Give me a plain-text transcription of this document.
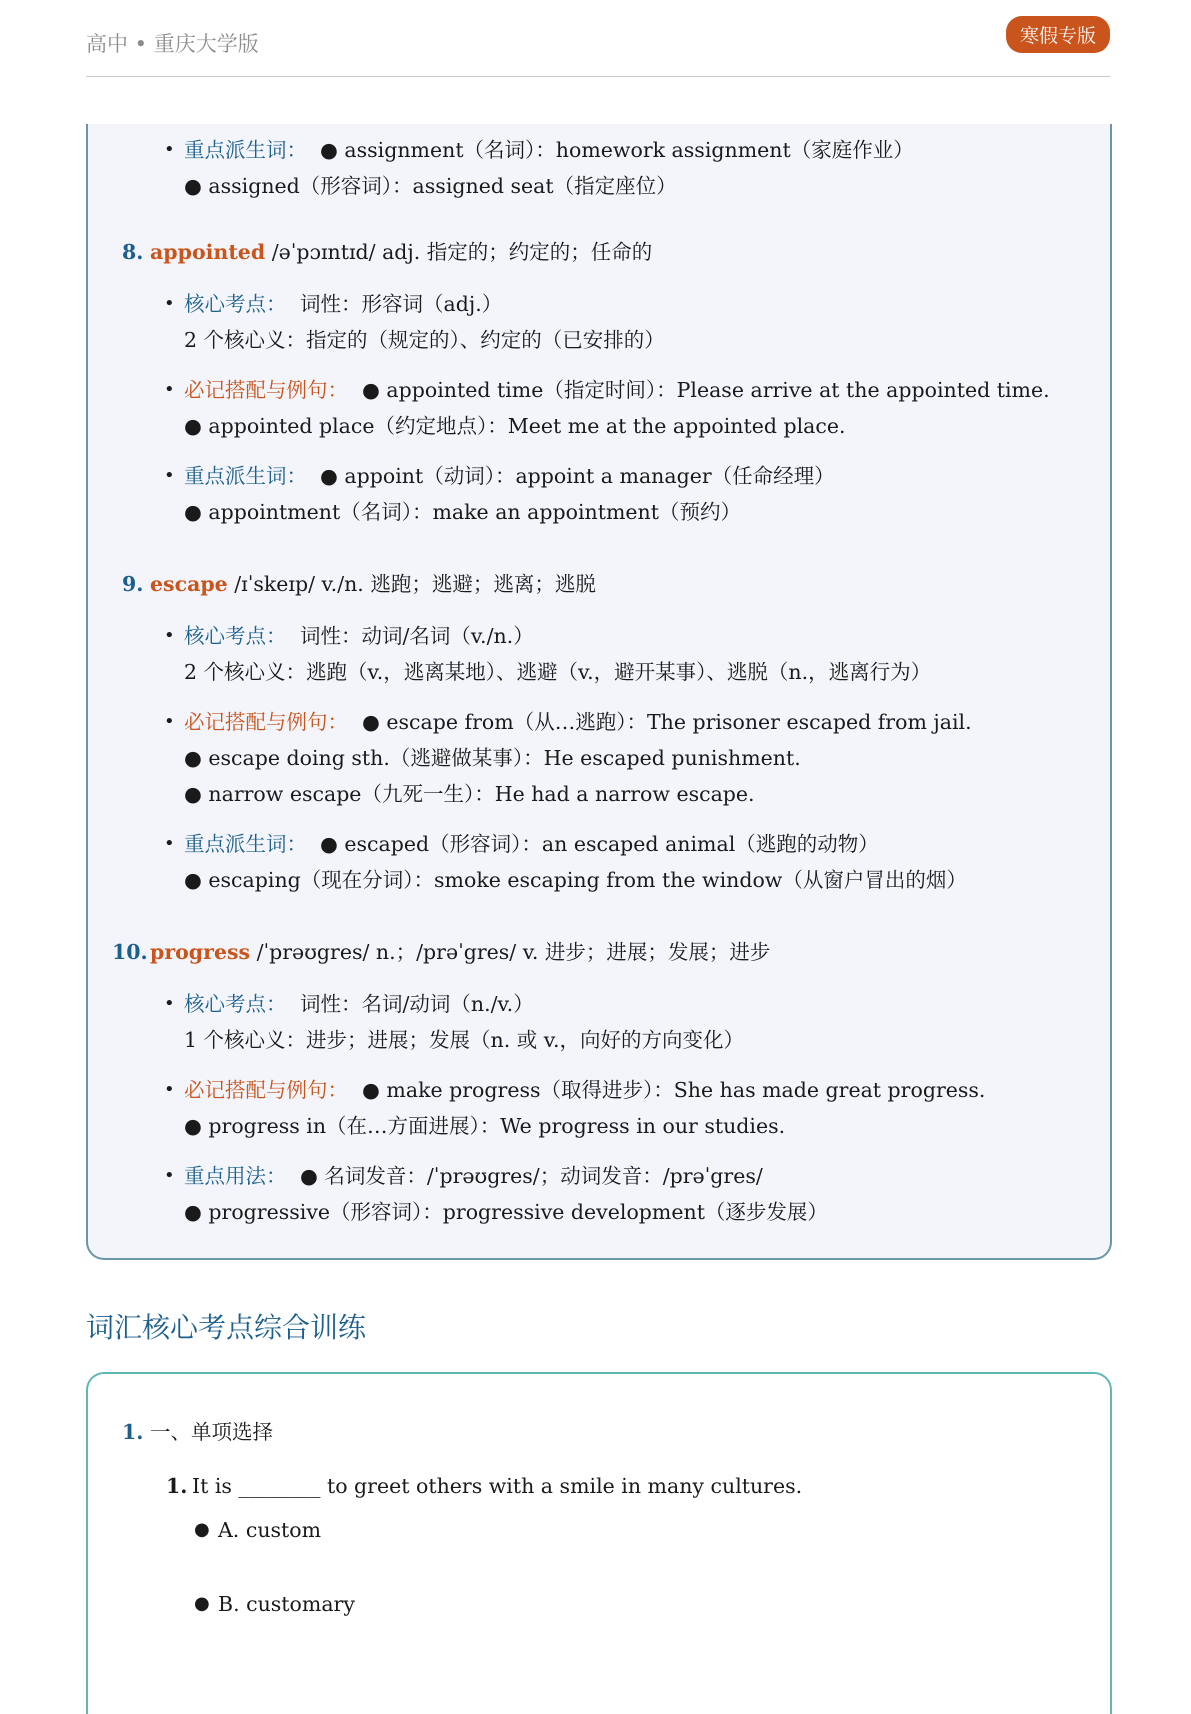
高中 • 重庆大学版	寒假专版
• 重点派生词： ● assignment（名词）：homework assignment（家庭作业）
● assigned（形容词）：assigned seat（指定座位）
8. appointed /əˈpɔɪntɪd/ adj. 指定的；约定的；任命的
• 核心考点： 词性：形容词（adj.）
2 个核心义：指定的（规定的）、约定的（已安排的）
• 必记搭配与例句： ● appointed time（指定时间）：Please arrive at the appointed time.
● appointed place（约定地点）：Meet me at the appointed place.
• 重点派生词： ● appoint（动词）：appoint a manager（任命经理）
● appointment（名词）：make an appointment（预约）
9. escape /ɪˈskeɪp/ v./n. 逃跑；逃避；逃离；逃脱
• 核心考点： 词性：动词/名词（v./n.）
2 个核心义：逃跑（v.，逃离某地）、逃避（v.，避开某事）、逃脱（n.，逃离行为）
• 必记搭配与例句： ● escape from（从…逃跑）：The prisoner escaped from jail.
● escape doing sth.（逃避做某事）：He escaped punishment.
● narrow escape（九死一生）：He had a narrow escape.
• 重点派生词： ● escaped（形容词）：an escaped animal（逃跑的动物）
● escaping（现在分词）：smoke escaping from the window（从窗户冒出的烟）
10. progress /ˈprəʊgres/ n.；/prəˈgres/ v. 进步；进展；发展；进步
• 核心考点： 词性：名词/动词（n./v.）
1 个核心义：进步；进展；发展（n. 或 v.，向好的方向变化）
• 必记搭配与例句： ● make progress（取得进步）：She has made great progress.
● progress in（在…方面进展）：We progress in our studies.
• 重点用法： ● 名词发音：/ˈprəʊgres/；动词发音：/prəˈgres/
● progressive（形容词）：progressive development（逐步发展）
词汇核心考点综合训练
1. 一、单项选择
1. It is ________ to greet others with a smile in many cultures.
● A. custom
● B. customary
